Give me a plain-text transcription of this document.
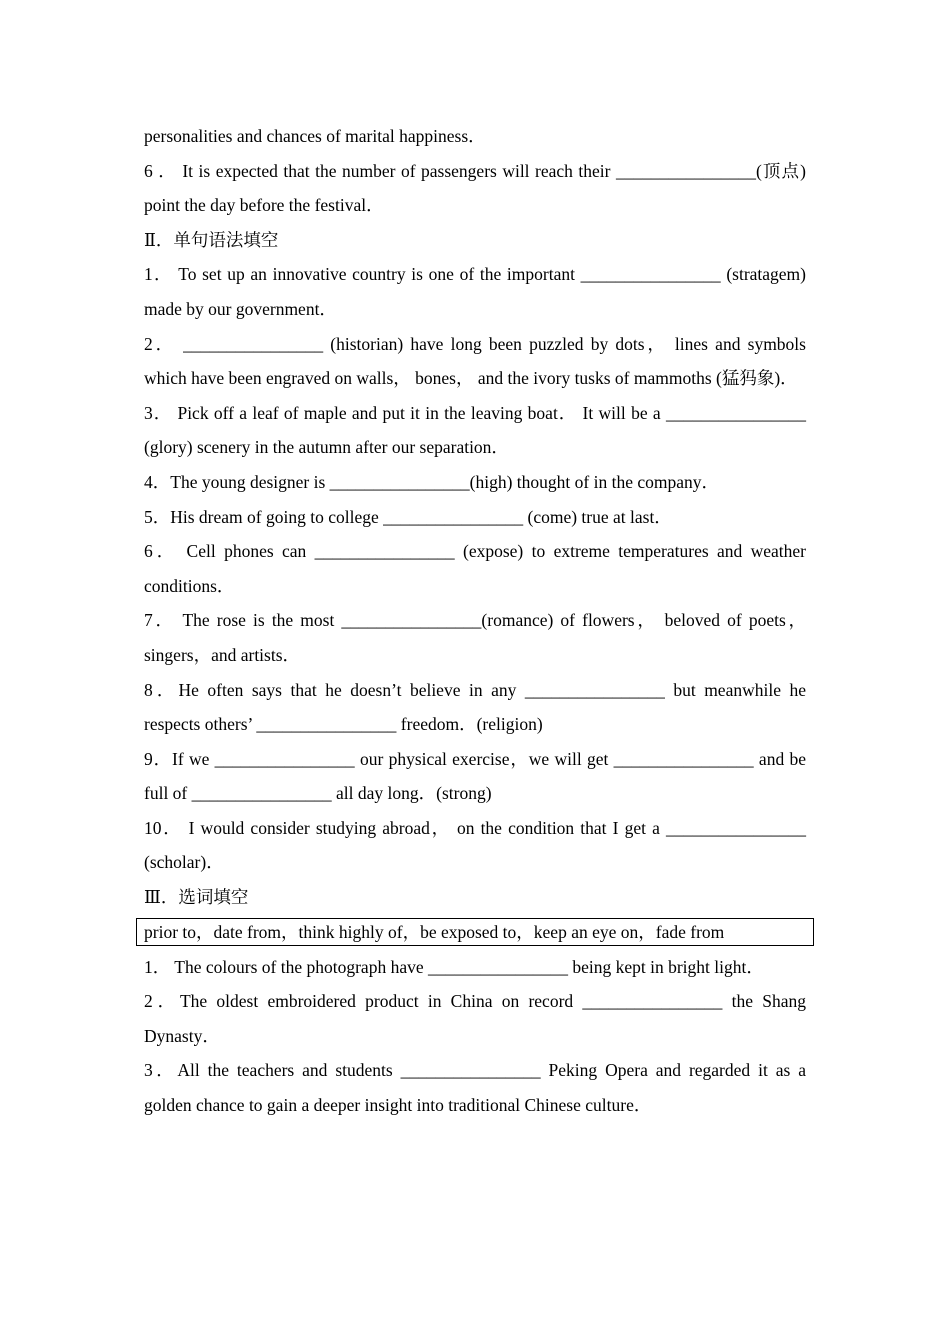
personalities and chances of marital happiness．

6 ． It is expected that the number of passengers will reach their ________________(顶点) point the day before the festival．

Ⅱ．单句语法填空

1． To set up an innovative country is one of the important ________________ (stratagem) made by our government．

2． ________________ (historian) have long been puzzled by dots， lines and symbols which have been engraved on walls， bones， and the ivory tusks of mammoths (猛犸象)．

3． Pick off a leaf of maple and put it in the leaving boat． It will be a ________________ (glory) scenery in the autumn after our separation．

4．The young designer is ________________(high) thought of in the company．

5．His dream of going to college ________________ (come) true at last．

6． Cell phones can ________________ (expose) to extreme temperatures and weather conditions．

7． The rose is the most ________________(romance) of flowers， beloved of poets，singers，and artists．

8．He often says that he doesn’t believe in any ________________ but meanwhile he respects others’ ________________ freedom．(religion)

9．If we ________________ our physical exercise，we will get ________________ and be full of ________________ all day long．(strong)

10． I would consider studying abroad， on the condition that I get a ________________ (scholar)．

Ⅲ．选词填空

prior to，date from，think highly of，be exposed to，keep an eye on，fade from

1． The colours of the photograph have ________________ being kept in bright light．

2．The oldest embroidered product in China on record ________________ the Shang Dynasty．

3．All the teachers and students ________________ Peking Opera and regarded it as a golden chance to gain a deeper insight into traditional Chinese culture．
